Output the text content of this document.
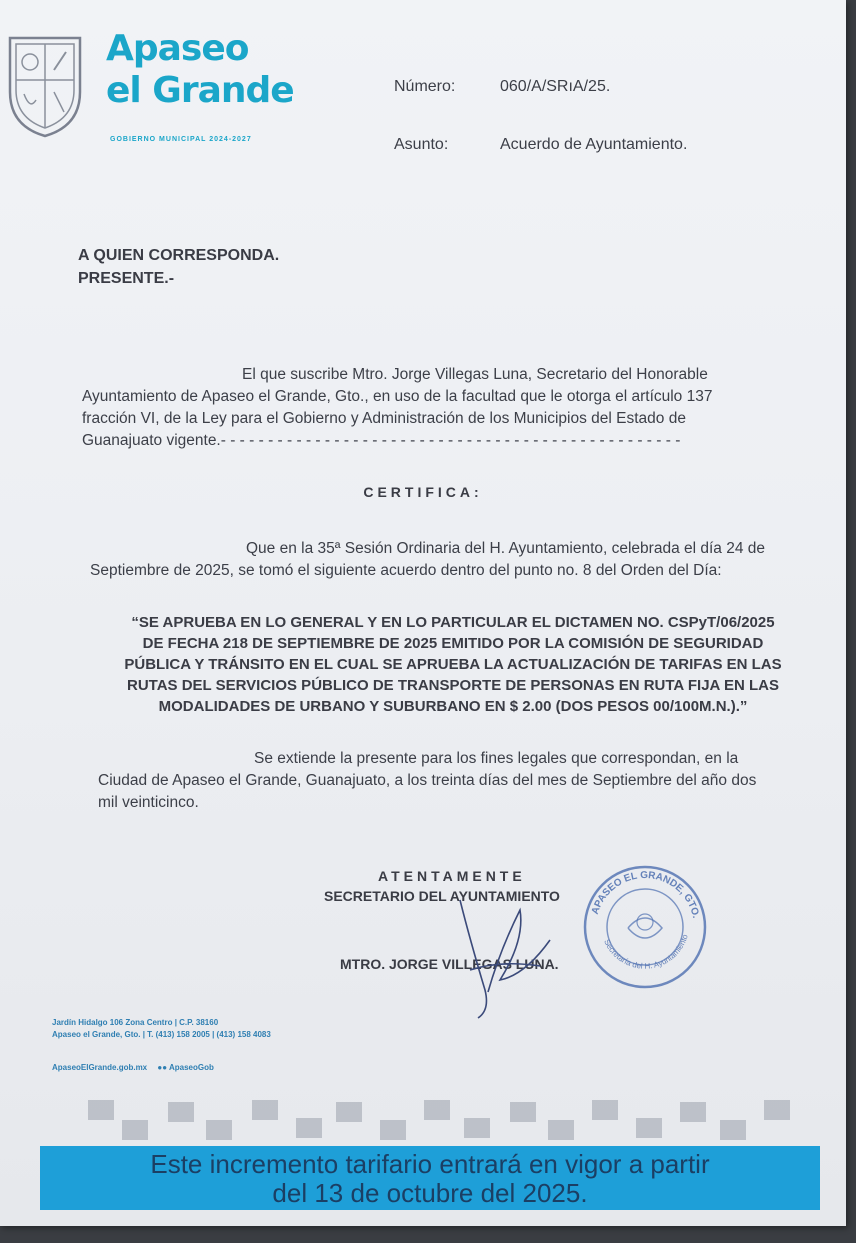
Apaseo
el Grande
GOBIERNO MUNICIPAL 2024-2027
Número:	060/A/SRıA/25.
Asunto:	Acuerdo de Ayuntamiento.
A QUIEN CORRESPONDA.
PRESENTE.-
El que suscribe Mtro. Jorge Villegas Luna, Secretario del Honorable
Ayuntamiento de Apaseo el Grande, Gto., en uso de la facultad que le otorga el artículo 137
fracción VI, de la Ley para el Gobierno y Administración de los Municipios del Estado de
Guanajuato vigente.- - - - - - - - - - - - - - - - - - - - - - - - - - - - - - - - - - - - - - - - - - - - - - - - -
CERTIFICA:
Que en la 35ª Sesión Ordinaria del H. Ayuntamiento, celebrada el día 24 de
Septiembre de 2025, se tomó el siguiente acuerdo dentro del punto no. 8 del Orden del Día:
“SE APRUEBA EN LO GENERAL Y EN LO PARTICULAR EL DICTAMEN NO. CSPyT/06/2025
DE FECHA 218 DE SEPTIEMBRE DE 2025 EMITIDO POR LA COMISIÓN DE SEGURIDAD
PÚBLICA Y TRÁNSITO EN EL CUAL SE APRUEBA LA ACTUALIZACIÓN DE TARIFAS EN LAS
RUTAS DEL SERVICIOS PÚBLICO DE TRANSPORTE DE PERSONAS EN RUTA FIJA EN LAS
MODALIDADES DE URBANO Y SUBURBANO EN $ 2.00 (DOS PESOS 00/100M.N.).”
Se extiende la presente para los fines legales que correspondan, en la
Ciudad de Apaseo el Grande, Guanajuato, a los treinta días del mes de Septiembre del año dos
mil veinticinco.
ATENTAMENTE
SECRETARIO DEL AYUNTAMIENTO
MTRO. JORGE VILLEGAS LUNA.
APASEO EL GRANDE, GTO.
Secretaría del H. Ayuntamiento
Jardín Hidalgo 106 Zona Centro | C.P. 38160
Apaseo el Grande, Gto. | T. (413) 158 2005 | (413) 158 4083
ApaseoElGrande.gob.mx ●● ApaseoGob
Este incremento tarifario entrará en vigor a partir
del 13 de octubre del 2025.
